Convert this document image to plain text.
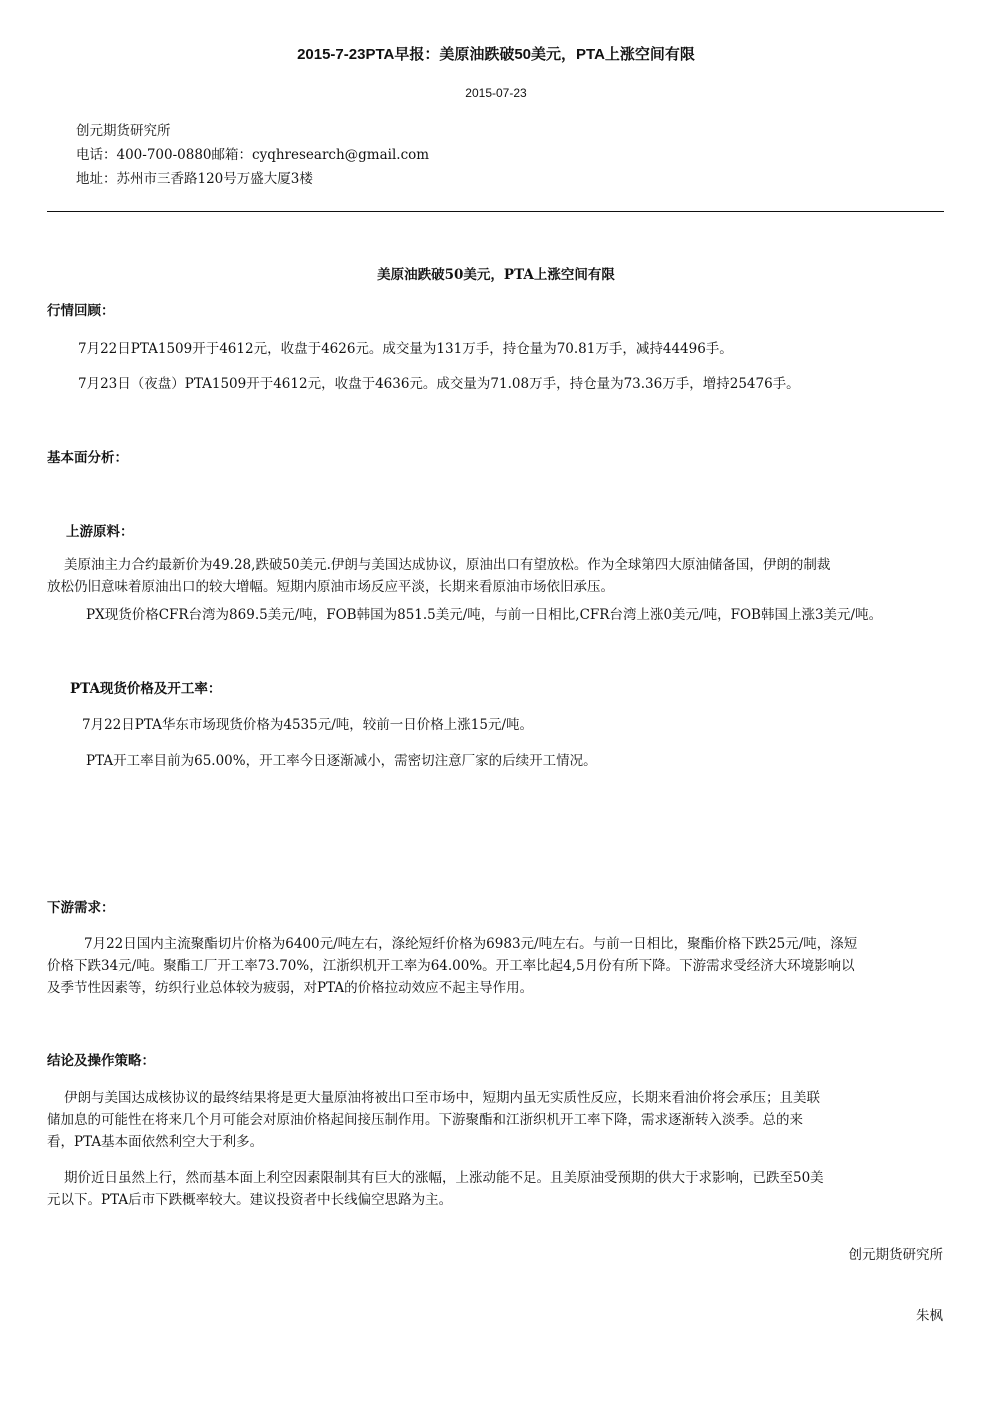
2015-7-23PTA早报：美原油跌破50美元，PTA上涨空间有限
2015-07-23
创元期货研究所
电话：400-700-0880邮箱：cyqhresearch@gmail.com
地址：苏州市三香路120号万盛大厦3楼
美原油跌破50美元，PTA上涨空间有限
行情回顾：
7月22日PTA1509开于4612元，收盘于4626元。成交量为131万手，持仓量为70.81万手，减持44496手。
7月23日（夜盘）PTA1509开于4612元，收盘于4636元。成交量为71.08万手，持仓量为73.36万手，增持25476手。
基本面分析：
上游原料：
美原油主力合约最新价为49.28,跌破50美元.伊朗与美国达成协议，原油出口有望放松。作为全球第四大原油储备国，伊朗的制裁
放松仍旧意味着原油出口的较大增幅。短期内原油市场反应平淡，长期来看原油市场依旧承压。
PX现货价格CFR台湾为869.5美元/吨，FOB韩国为851.5美元/吨，与前一日相比,CFR台湾上涨0美元/吨，FOB韩国上涨3美元/吨。
PTA现货价格及开工率：
7月22日PTA华东市场现货价格为4535元/吨，较前一日价格上涨15元/吨。
PTA开工率目前为65.00%，开工率今日逐渐减小，需密切注意厂家的后续开工情况。
下游需求：
7月22日国内主流聚酯切片价格为6400元/吨左右，涤纶短纤价格为6983元/吨左右。与前一日相比，聚酯价格下跌25元/吨，涤短
价格下跌34元/吨。聚酯工厂开工率73.70%，江浙织机开工率为64.00%。开工率比起4,5月份有所下降。下游需求受经济大环境影响以
及季节性因素等，纺织行业总体较为疲弱，对PTA的价格拉动效应不起主导作用。
结论及操作策略：
伊朗与美国达成核协议的最终结果将是更大量原油将被出口至市场中，短期内虽无实质性反应，长期来看油价将会承压；且美联
储加息的可能性在将来几个月可能会对原油价格起间接压制作用。下游聚酯和江浙织机开工率下降，需求逐渐转入淡季。总的来
看，PTA基本面依然利空大于利多。
期价近日虽然上行，然而基本面上利空因素限制其有巨大的涨幅，上涨动能不足。且美原油受预期的供大于求影响，已跌至50美
元以下。PTA后市下跌概率较大。建议投资者中长线偏空思路为主。
创元期货研究所
朱枫
